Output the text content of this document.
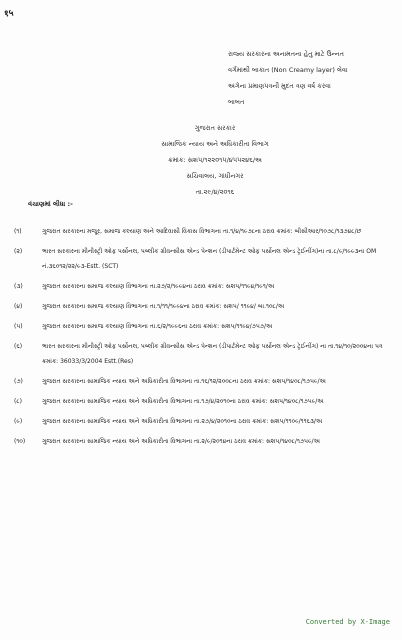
१५
રાજ્ય સરકારના અનામતના હેતુ માટે ઉન્નત
વર્ગમાંથી બાકાત (Non Creamy layer) લેવા
અંગેના પ્રમાણપત્રની મુદત ત્રણ વર્ષ કરવા
બાબત
ગુજરાત સરકાર
સામાજિક ન્યાય અને અધિકારીતા વિભાગ
ક્રમાંક: સશપ/૧૨૨૦૧૫/૪૫૫૨૪૬/અ
સચિવાલય, ગાંધીનગર
તા.૨૯/૪/૨૦૧૬
વંચાણમાં લીધા :-
(૧)	ગુજરાત સરકારના મજૂર, સમાજ કલ્યાણ અને આદિવાસી વિકાસ વિભાગના તા.૧/૪/૧૯૭૮ના ઠરાવ ક્રમાંક: બીસીઆર/૧૦૭૮/૧૩૭૪૮/છ
(૨)	ભારત સરકારના મીનીસ્ટ્રી ઓફ પર્સોનલ, પબ્લીક ગ્રીવન્સીસ એન્ડ પેન્શન (ડીપાર્ટમેન્ટ ઓફ પર્સોનલ એન્ડ ટ્રેઈનીંગ)ના તા.૮/૯/૧૯૯૩ના OM નં.૩૬૦૧૨/૨૨/૯૩-Estt. (SCT)
(૩)	ગુજરાત સરકારના સમાજ કલ્યાણ વિભાગના તા.૨૭/૨/૧૯૯૪ના ઠરાવ ક્રમાંક: સશપ/૧૧૯૪/૧૯૧/અ
(૪)	ગુજરાત સરકારના સમાજ કલ્યાણ વિભાગના તા.૧/૧૧/૧૯૯૪ના ઠરાવ ક્રમાંક: સશપ/ ૧૧૯૪/ બા.૧૦૮/અ
(૫)	ગુજરાત સરકારના સમાજ કલ્યાણ વિભાગના તા.૬/૨/૧૯૯૬ના ઠરાવ ક્રમાંક: સશપ/૧૧૯૪/૭૫૭/અ
(૬)	ભારત સરકારના મીનીસ્ટ્રી ઓફ પર્સોનલ, પબ્લીક ગ્રીવન્સીસ એન્ડ પેન્શન (ડીપાર્ટમેન્ટ ઓફ પર્સોનલ એન્ડ ટ્રેઈનીંગ) ના તા.૧૪/૧૦/૨૦૦૪ના પત્ર ક્રમાંક: 36033/3/2004 Estt.(Res)
(૭)	ગુજરાત સરકારના સામાજિક ન્યાય અને અધિકારીતા વિભાગના તા.૧૬/૧૨/૨૦૦૮ના ઠરાવ ક્રમાંક: સશપ/૧૪૦૮/૧૭૫૯/અ
(૮)	ગુજરાત સરકારના સામાજિક ન્યાય અને અધિકારીતા વિભાગના તા.૧૭/૪/૨૦૧૦ના ઠરાવ ક્રમાંક: સશપ/૧૪૦૮/૧૭૫૯/અ
(૯)	ગુજરાત સરકારના સામાજિક ન્યાય અને અધિકારીતા વિભાગના તા.૨૭/૪/૨૦૧૦ના ઠરાવ ક્રમાંક: સશપ/૧૧૦૯/૧૧૬૩/અ
(૧૦)	ગુજરાત સરકારના સામાજિક ન્યાય અને અધિકારીતા વિભાગના તા.૨/૯/૨૦૧૪ના ઠરાવ ક્રમાંક: સશપ/૧૪૦૮/૧૭૫૯/અ
Converted by X-Image
